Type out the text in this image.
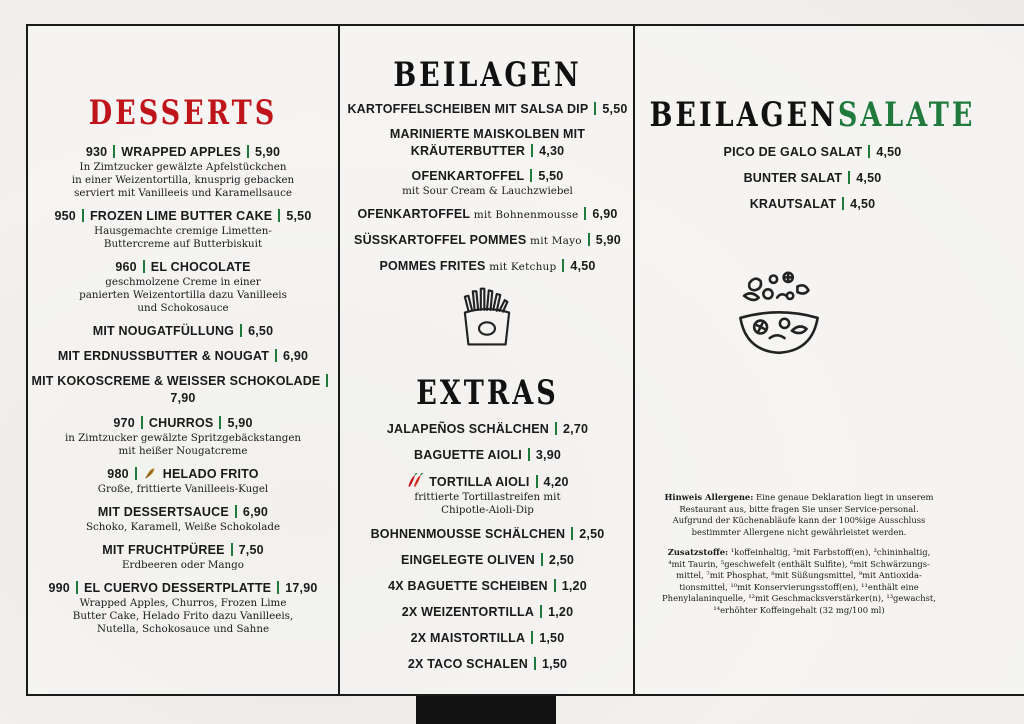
DESSERTS
930 WRAPPED APPLES 5,90
In Zimtzucker gewälzte Apfelstückchen
in einer Weizentortilla, knusprig gebacken
serviert mit Vanilleeis und Karamellsauce
950 FROZEN LIME BUTTER CAKE 5,50
Hausgemachte cremige Limetten-
Buttercreme auf Butterbiskuit
960 EL CHOCOLATE
geschmolzene Creme in einer
panierten Weizentortilla dazu Vanilleeis
und Schokosauce
MIT NOUGATFÜLLUNG 6,50
MIT ERDNUSSBUTTER & NOUGAT 6,90
MIT KOKOSCREME & WEISSER SCHOKOLADE7,90
970 CHURROS 5,90
in Zimtzucker gewälzte Spritzgebäckstangen
mit heißer Nougatcreme
980	HELADO FRITO
Große, frittierte Vanilleeis-Kugel
MIT DESSERTSAUCE 6,90
Schoko, Karamell, Weiße Schokolade
MIT FRUCHTPÜREE 7,50
Erdbeeren oder Mango
990 EL CUERVO DESSERTPLATTE 17,90
Wrapped Apples, Churros, Frozen Lime
Butter Cake, Helado Frito dazu Vanilleeis,
Nutella, Schokosauce und Sahne
BEILAGEN
KARTOFFELSCHEIBEN MIT SALSA DIP 5,50
MARINIERTE MAISKOLBEN MIT KRÄUTERBUTTER 4,30
OFENKARTOFFEL 5,50
mit Sour Cream & Lauchzwiebel
OFENKARTOFFEL mit Bohnenmousse 6,90
SÜSSKARTOFFEL POMMES mit Mayo 5,90
POMMES FRITES mit Ketchup 4,50
EXTRAS
JALAPEÑOS SCHÄLCHEN 2,70
BAGUETTE AIOLI 3,90
TORTILLA AIOLI 4,20
frittierte Tortillastreifen mit
Chipotle-Aioli-Dip
BOHNENMOUSSE SCHÄLCHEN 2,50
EINGELEGTE OLIVEN 2,50
4X BAGUETTE SCHEIBEN 1,20
2X WEIZENTORTILLA 1,20
2X MAISTORTILLA 1,50
2X TACO SCHALEN 1,50
BEILAGENSALATE
PICO DE GALO SALAT 4,50
BUNTER SALAT 4,50
KRAUTSALAT 4,50
Hinweis Allergene: Eine genaue Deklaration liegt in unserem Restaurant aus, bitte fragen Sie unser Service-personal. Aufgrund der Küchenabläufe kann der 100%ige Ausschluss bestimmter Allergene nicht gewährleistet werden.
Zusatzstoffe: ¹koffeinhaltig, ²mit Farbstoff(en), ³chininhaltig, ⁴mit Taurin, ⁵geschwefelt (enthält Sulfite), ⁶mit Schwärzungs-mittel, ⁷mit Phosphat, ⁸mit Süßungsmittel, ⁹mit Antioxida-tionsmittel, ¹⁰mit Konservierungsstoff(en), ¹¹enthält eine Phenylalaninquelle, ¹²mit Geschmacksverstärker(n), ¹³gewachst, ¹⁴erhöhter Koffeingehalt (32 mg/100 ml)
